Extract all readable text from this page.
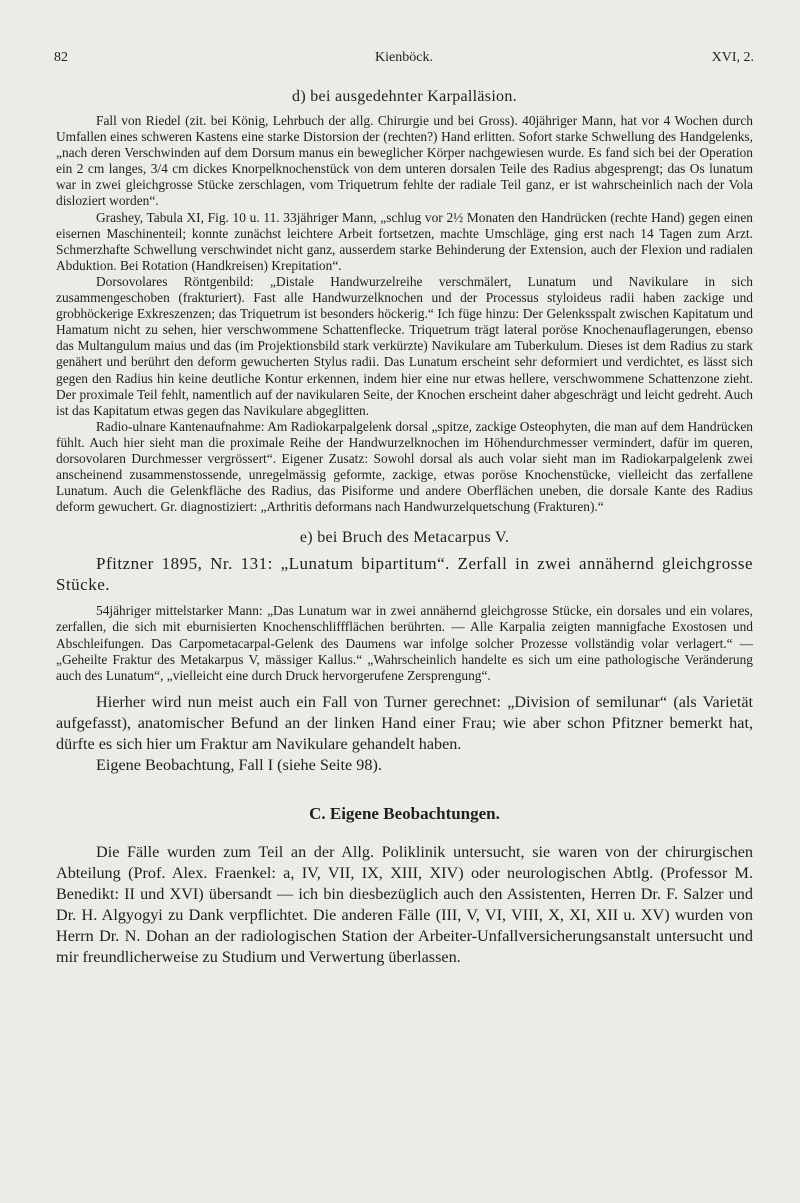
82	Kienböck.	XVI, 2.

d) bei ausgedehnter Karpalläsion.

Fall von Riedel (zit. bei König, Lehrbuch der allg. Chirurgie und bei Gross). 40jähriger Mann, hat vor 4 Wochen durch Umfallen eines schweren Kastens eine starke Distorsion der (rechten?) Hand erlitten. Sofort starke Schwellung des Handgelenks, „nach deren Verschwinden auf dem Dorsum manus ein beweglicher Körper nachgewiesen wurde. Es fand sich bei der Operation ein 2 cm langes, 3/4 cm dickes Knorpelknochenstück von dem unteren dorsalen Teile des Radius abgesprengt; das Os lunatum war in zwei gleichgrosse Stücke zerschlagen, vom Triquetrum fehlte der radiale Teil ganz, er ist wahrscheinlich nach der Vola disloziert worden“.

Grashey, Tabula XI, Fig. 10 u. 11. 33jähriger Mann, „schlug vor 2½ Monaten den Handrücken (rechte Hand) gegen einen eisernen Maschinenteil; konnte zunächst leichtere Arbeit fortsetzen, machte Umschläge, ging erst nach 14 Tagen zum Arzt. Schmerzhafte Schwellung verschwindet nicht ganz, ausserdem starke Behinderung der Extension, auch der Flexion und radialen Abduktion. Bei Rotation (Handkreisen) Krepitation“.

Dorsovolares Röntgenbild: „Distale Handwurzelreihe verschmälert, Lunatum und Navikulare in sich zusammengeschoben (frakturiert). Fast alle Handwurzelknochen und der Processus styloideus radii haben zackige und grobhöckerige Exkreszenzen; das Triquetrum ist besonders höckerig.“ Ich füge hinzu: Der Gelenksspalt zwischen Kapitatum und Hamatum nicht zu sehen, hier verschwommene Schattenflecke. Triquetrum trägt lateral poröse Knochenauflagerungen, ebenso das Multangulum maius und das (im Projektionsbild stark verkürzte) Navikulare am Tuberkulum. Dieses ist dem Radius zu stark genähert und berührt den deform gewucherten Stylus radii. Das Lunatum erscheint sehr deformiert und verdichtet, es lässt sich gegen den Radius hin keine deutliche Kontur erkennen, indem hier eine nur etwas hellere, verschwommene Schattenzone zieht. Der proximale Teil fehlt, namentlich auf der navikularen Seite, der Knochen erscheint daher abgeschrägt und leicht gedreht. Auch ist das Kapitatum etwas gegen das Navikulare abgeglitten.

Radio-ulnare Kantenaufnahme: Am Radiokarpalgelenk dorsal „spitze, zackige Osteophyten, die man auf dem Handrücken fühlt. Auch hier sieht man die proximale Reihe der Handwurzelknochen im Höhendurchmesser vermindert, dafür im queren, dorsovolaren Durchmesser vergrössert“. Eigener Zusatz: Sowohl dorsal als auch volar sieht man im Radiokarpalgelenk zwei anscheinend zusammenstossende, unregelmässig geformte, zackige, etwas poröse Knochenstücke, vielleicht das zerfallene Lunatum. Auch die Gelenkfläche des Radius, das Pisiforme und andere Oberflächen uneben, die dorsale Kante des Radius deform gewuchert. Gr. diagnostiziert: „Arthritis deformans nach Handwurzelquetschung (Frakturen).“

e) bei Bruch des Metacarpus V.

Pfitzner 1895, Nr. 131: „Lunatum bipartitum“. Zerfall in zwei annähernd gleichgrosse Stücke.

54jähriger mittelstarker Mann: „Das Lunatum war in zwei annähernd gleichgrosse Stücke, ein dorsales und ein volares, zerfallen, die sich mit eburnisierten Knochenschliffflächen berührten. — Alle Karpalia zeigten mannigfache Exostosen und Abschleifungen. Das Carpometacarpal-Gelenk des Daumens war infolge solcher Prozesse vollständig volar verlagert.“ — „Geheilte Fraktur des Metakarpus V, mässiger Kallus.“ „Wahrscheinlich handelte es sich um eine pathologische Veränderung auch des Lunatum“, „vielleicht eine durch Druck hervorgerufene Zersprengung“.

Hierher wird nun meist auch ein Fall von Turner gerechnet: „Division of semilunar“ (als Varietät aufgefasst), anatomischer Befund an der linken Hand einer Frau; wie aber schon Pfitzner bemerkt hat, dürfte es sich hier um Fraktur am Navikulare gehandelt haben.

Eigene Beobachtung, Fall I (siehe Seite 98).

C. Eigene Beobachtungen.

Die Fälle wurden zum Teil an der Allg. Poliklinik untersucht, sie waren von der chirurgischen Abteilung (Prof. Alex. Fraenkel: a, IV, VII, IX, XIII, XIV) oder neurologischen Abtlg. (Professor M. Benedikt: II und XVI) übersandt — ich bin diesbezüglich auch den Assistenten, Herren Dr. F. Salzer und Dr. H. Algyogyi zu Dank verpflichtet. Die anderen Fälle (III, V, VI, VIII, X, XI, XII u. XV) wurden von Herrn Dr. N. Dohan an der radiologischen Station der Arbeiter-Unfallversicherungsanstalt untersucht und mir freundlicherweise zu Studium und Verwertung überlassen.
